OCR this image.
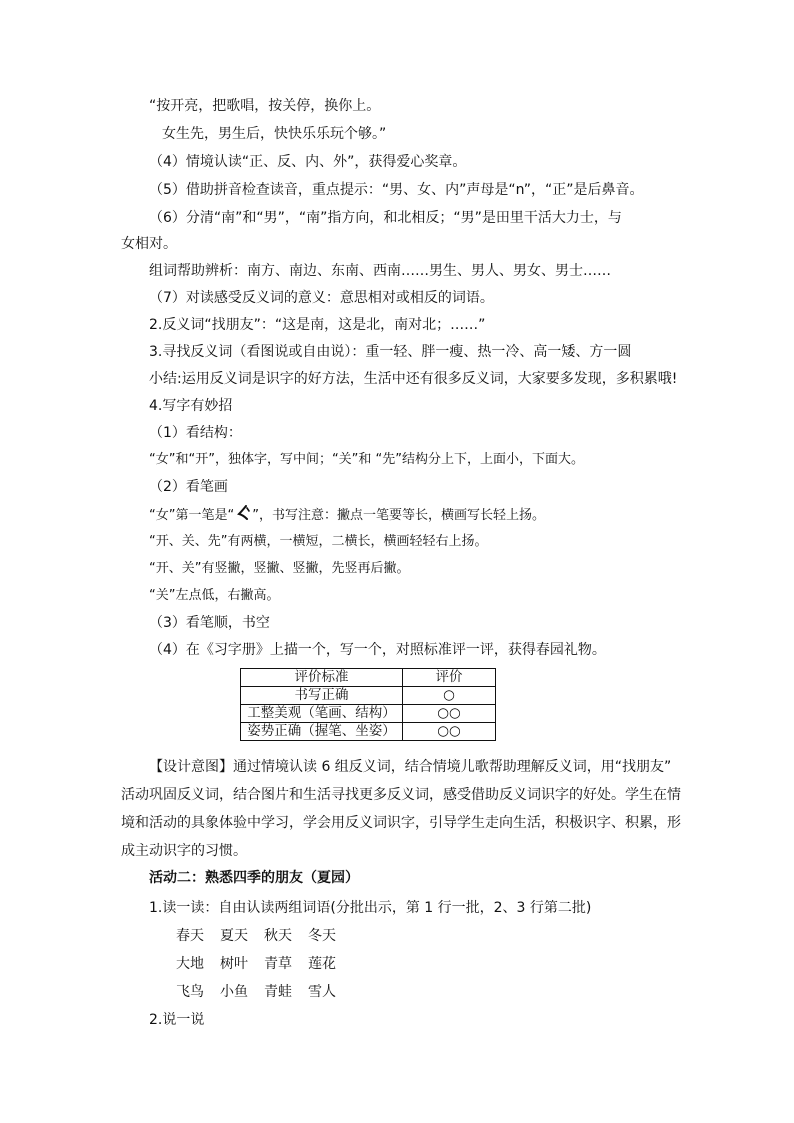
“按开亮，把歌唱，按关停，换你上。
女生先，男生后，快快乐乐玩个够。”
（4）情境认读“正、反、内、外”，获得爱心奖章。
（5）借助拼音检查读音，重点提示：“男、女、内”声母是“n”，“正”是后鼻音。
（6）分清“南”和“男”，“南”指方向，和北相反；“男”是田里干活大力士，与
女相对。
组词帮助辨析：南方、南边、东南、西南……男生、男人、男女、男士……
（7）对读感受反义词的意义：意思相对或相反的词语。
2.反义词“找朋友”：“这是南，这是北，南对北；……”
3.寻找反义词（看图说或自由说）：重一轻、胖一瘦、热一冷、高一矮、方一圆
小结:运用反义词是识字的好方法，生活中还有很多反义词，大家要多发现，多积累哦!
4.写字有妙招
（1）看结构：
“女”和“开”，独体字，写中间；“关”和 “先”结构分上下，上面小，下面大。
（2）看笔画
“女”第一笔是“ ”，书写注意：撇点一笔要等长，横画写长轻上扬。
“开、关、先”有两横，一横短，二横长，横画轻轻右上扬。
“开、关”有竖撇，竖撇、竖撇，先竖再后撇。
“关”左点低，右撇高。
（3）看笔顺，书空
（4）在《习字册》上描一个，写一个，对照标准评一评，获得春园礼物。
评价标准	评价
书写正确	○
工整美观（笔画、结构）	○○
姿势正确（握笔、坐姿）	○○
【设计意图】通过情境认读 6 组反义词，结合情境儿歌帮助理解反义词，用“找朋友”
活动巩固反义词，结合图片和生活寻找更多反义词，感受借助反义词识字的好处。学生在情
境和活动的具象体验中学习，学会用反义词识字，引导学生走向生活，积极识字、积累，形
成主动识字的习惯。
活动二：熟悉四季的朋友（夏园）
1.读一读：自由认读两组词语(分批出示，第 1 行一批，2、3 行第二批)
春天 夏天 秋天 冬天
大地 树叶 青草 莲花
飞鸟 小鱼 青蛙 雪人
2.说一说
